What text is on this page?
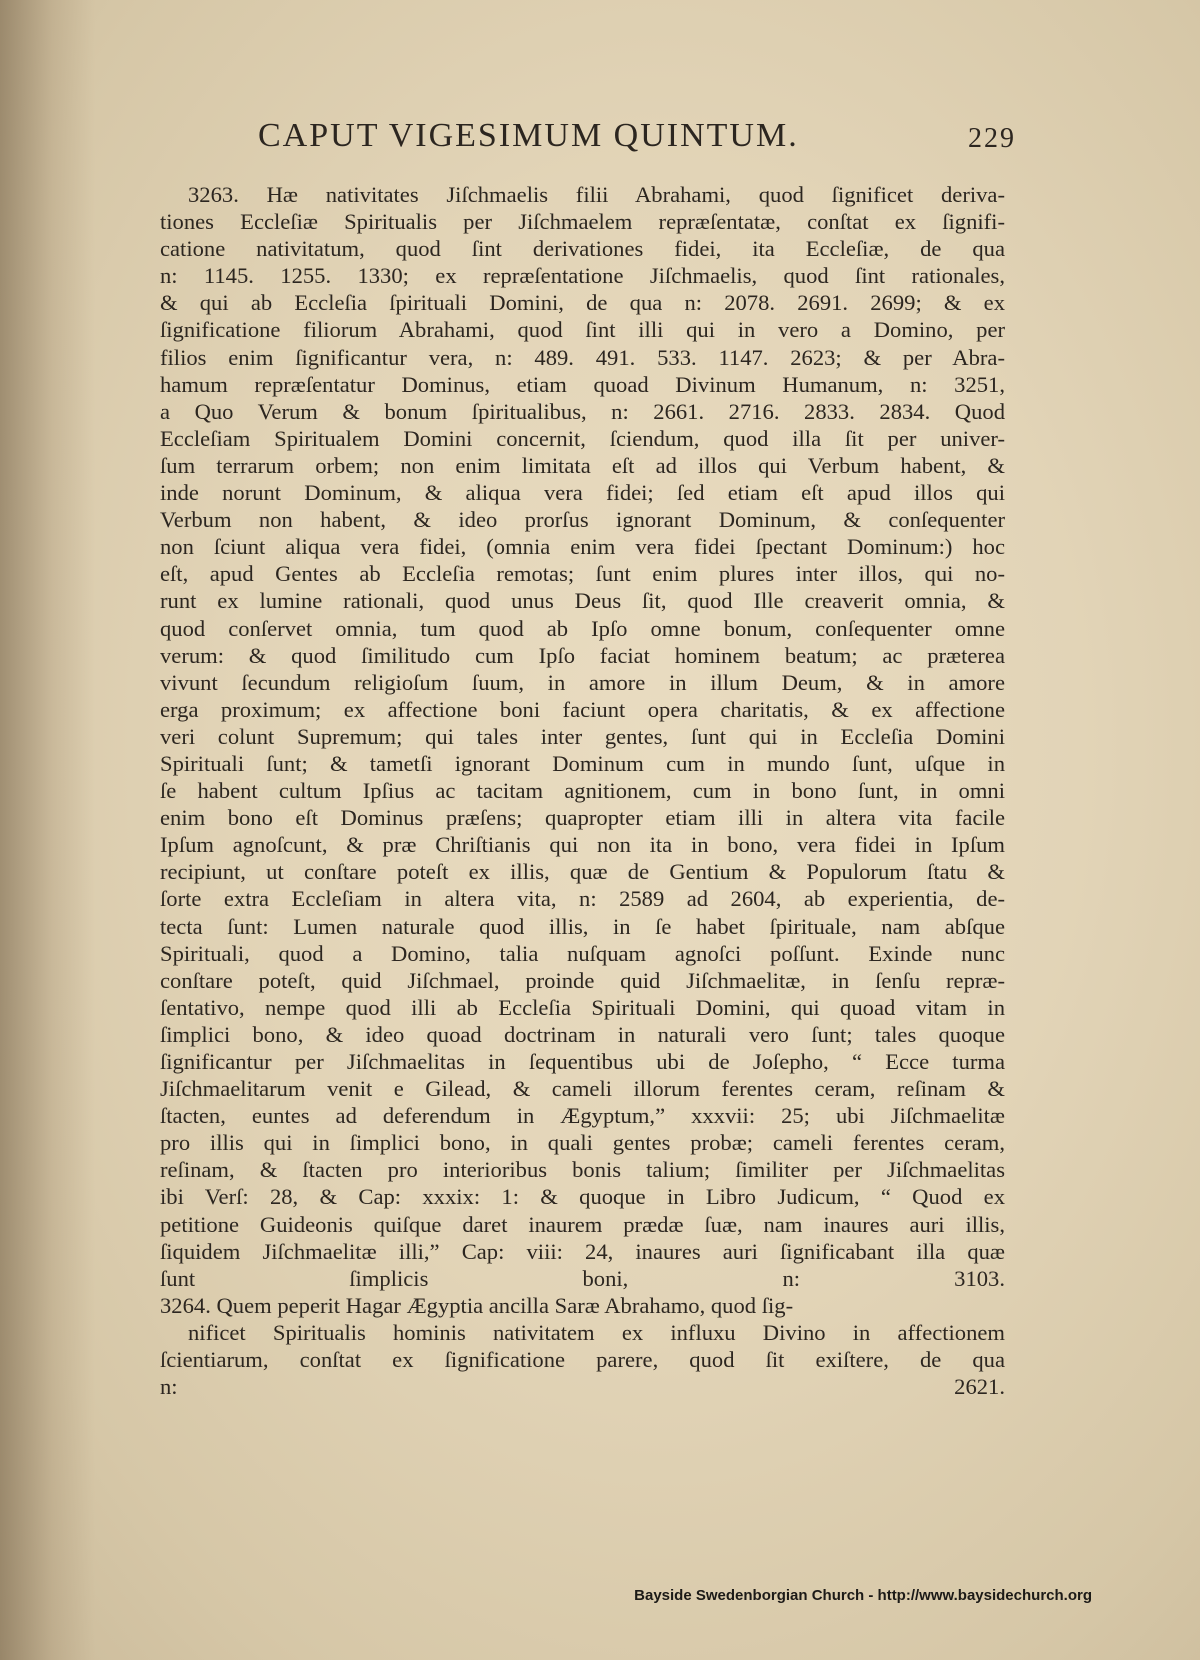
CAPUT VIGESIMUM QUINTUM.	229
3263. Hæ nativitates Jiſchmaelis filii Abrahami, quod ſignificet deriva-
tiones Eccleſiæ Spiritualis per Jiſchmaelem repræſentatæ, conſtat ex ſignifi-
catione nativitatum, quod ſint derivationes fidei, ita Eccleſiæ, de qua
n: 1145. 1255. 1330; ex repræſentatione Jiſchmaelis, quod ſint rationales,
& qui ab Eccleſia ſpirituali Domini, de qua n: 2078. 2691. 2699; & ex
ſignificatione filiorum Abrahami, quod ſint illi qui in vero a Domino, per
filios enim ſignificantur vera, n: 489. 491. 533. 1147. 2623; & per Abra-
hamum repræſentatur Dominus, etiam quoad Divinum Humanum, n: 3251,
a Quo Verum & bonum ſpiritualibus, n: 2661. 2716. 2833. 2834. Quod
Eccleſiam Spiritualem Domini concernit, ſciendum, quod illa ſit per univer-
ſum terrarum orbem; non enim limitata eſt ad illos qui Verbum habent, &
inde norunt Dominum, & aliqua vera fidei; ſed etiam eſt apud illos qui
Verbum non habent, & ideo prorſus ignorant Dominum, & conſequenter
non ſciunt aliqua vera fidei, (omnia enim vera fidei ſpectant Dominum:) hoc
eſt, apud Gentes ab Eccleſia remotas; ſunt enim plures inter illos, qui no-
runt ex lumine rationali, quod unus Deus ſit, quod Ille creaverit omnia, &
quod conſervet omnia, tum quod ab Ipſo omne bonum, conſequenter omne
verum: & quod ſimilitudo cum Ipſo faciat hominem beatum; ac præterea
vivunt ſecundum religioſum ſuum, in amore in illum Deum, & in amore
erga proximum; ex affectione boni faciunt opera charitatis, & ex affectione
veri colunt Supremum; qui tales inter gentes, ſunt qui in Eccleſia Domini
Spirituali ſunt; & tametſi ignorant Dominum cum in mundo ſunt, uſque in
ſe habent cultum Ipſius ac tacitam agnitionem, cum in bono ſunt, in omni
enim bono eſt Dominus præſens; quapropter etiam illi in altera vita facile
Ipſum agnoſcunt, & præ Chriſtianis qui non ita in bono, vera fidei in Ipſum
recipiunt, ut conſtare poteſt ex illis, quæ de Gentium & Populorum ſtatu &
ſorte extra Eccleſiam in altera vita, n: 2589 ad 2604, ab experientia, de-
tecta ſunt: Lumen naturale quod illis, in ſe habet ſpirituale, nam abſque
Spirituali, quod a Domino, talia nuſquam agnoſci poſſunt. Exinde nunc
conſtare poteſt, quid Jiſchmael, proinde quid Jiſchmaelitæ, in ſenſu repræ-
ſentativo, nempe quod illi ab Eccleſia Spirituali Domini, qui quoad vitam in
ſimplici bono, & ideo quoad doctrinam in naturali vero ſunt; tales quoque
ſignificantur per Jiſchmaelitas in ſequentibus ubi de Joſepho, “ Ecce turma
Jiſchmaelitarum venit e Gilead, & cameli illorum ferentes ceram, reſinam &
ſtacten, euntes ad deferendum in Ægyptum,” xxxvii: 25; ubi Jiſchmaelitæ
pro illis qui in ſimplici bono, in quali gentes probæ; cameli ferentes ceram,
reſinam, & ſtacten pro interioribus bonis talium; ſimiliter per Jiſchmaelitas
ibi Verſ: 28, & Cap: xxxix: 1: & quoque in Libro Judicum, “ Quod ex
petitione Guideonis quiſque daret inaurem prædæ ſuæ, nam inaures auri illis,
ſiquidem Jiſchmaelitæ illi,” Cap: viii: 24, inaures auri ſignificabant illa quæ
ſunt ſimplicis boni, n: 3103.
3264. Quem peperit Hagar Ægyptia ancilla Saræ Abrahamo, quod ſig-
nificet Spiritualis hominis nativitatem ex influxu Divino in affectionem
ſcientiarum, conſtat ex ſignificatione parere, quod ſit exiſtere, de qua
n: 2621.
Bayside Swedenborgian Church - http://www.baysidechurch.org
